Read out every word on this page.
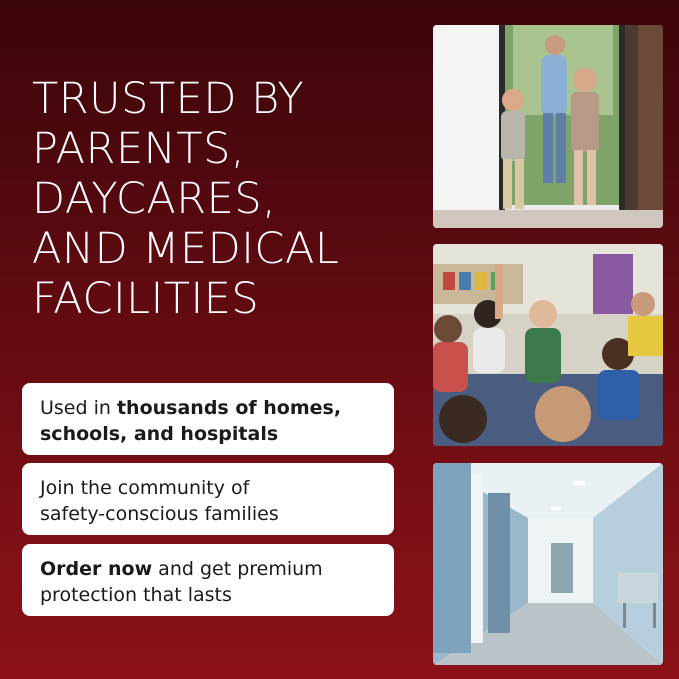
TRUSTED BY
PARENTS,
DAYCARES,
AND MEDICAL
FACILITIES
Used in thousands of homes,
schools, and hospitals
Join the community of
safety-conscious families
Order now and get premium
protection that lasts
